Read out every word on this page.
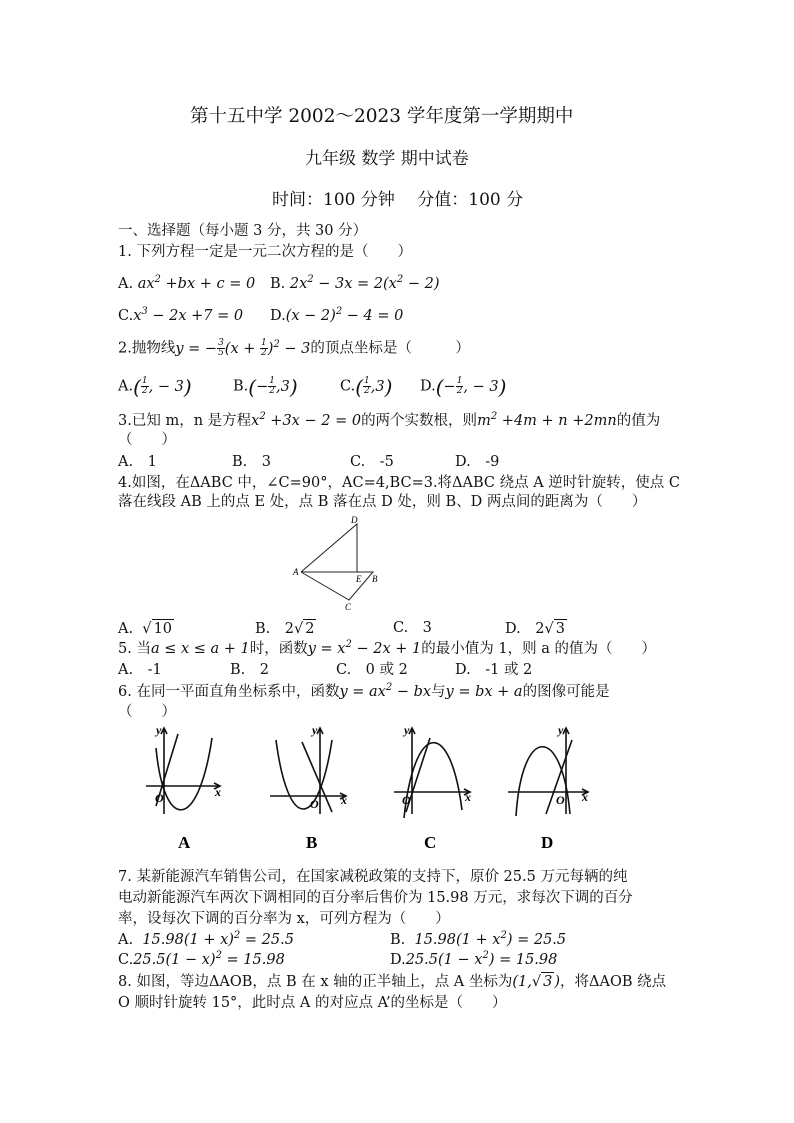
第十五中学 2002～2023 学年度第一学期期中
九年级 数学 期中试卷
时间：100 分钟　 分值：100 分
一、选择题（每小题 3 分，共 30 分）
1. 下列方程一定是一元二次方程的是（　　）
A. $ax^2 +bx + c = 0$ B. $2x^2 - 3x = 2(x^2 - 2)$
$C.x^3 - 2x +7 = 0$ $D.(x - 2)^2 - 4 = 0$
2.抛物线y = − $\frac{3}{5} (x + \frac{1}{2} )^2 - 3$的顶点坐标是（　　　）
$A.( \frac{1}{2}$ , − 3)	$B.(- \frac{1}{2} ,3)$	$C.( \frac{1}{2} ,3)$ $D.(- \frac{1}{2}$ , − 3)
3.已知 m，n 是方程$x^2 +3x - 2 = 0$的两个实数根，则$m^2 +4m + n +2mn$的值为
（　　）
A.　1	B.　3	C.　-5	D.　-9
4.如图，在ΔABC 中，∠C=90°，AC=4,BC=3.将ΔABC 绕点 A 逆时针旋转，使点 C
落在线段 AB 上的点 E 处，点 B 落在点 D 处，则 B、D 两点间的距离为（　　）
D
A
E B
C
A.  √ 10	B.　2√ 2	C.　3	D.　2√ 3
5. 当a ≤ x ≤ a + 1时，函数$y = x^2 - 2x + 1$的最小值为 1，则 a 的值为（　　）
A.　-1	B.　2	C.　0 或 2	D.　-1 或 2
6. 在同一平面直角坐标系中，函数$y = ax^2$ − bx与y = bx + a的图像可能是
（　　）
y
x
O
A
y
x
O
B
y
x
O
C
y
x
O
D
7. 某新能源汽车销售公司，在国家减税政策的支持下，原价 25.5 万元每辆的纯
电动新能源汽车两次下调相同的百分率后售价为 15.98 万元，求每次下调的百分
率，设每次下调的百分率为 x，可列方程为（　　）
A. $15.98(1 + x)^2 = 25.5$	B. $15.98(1 + x^2) = 25.5$
$C.25.5(1 - x)^2 = 15.98$	$D.25.5(1 - x^2) = 15.98$
8. 如图，等边ΔAOB，点 B 在 x 轴的正半轴上，点 A 坐标为(1,√ 3 )，将ΔAOB 绕点
O 顺时针旋转 15°，此时点 A 的对应点 A’的坐标是（　　）
